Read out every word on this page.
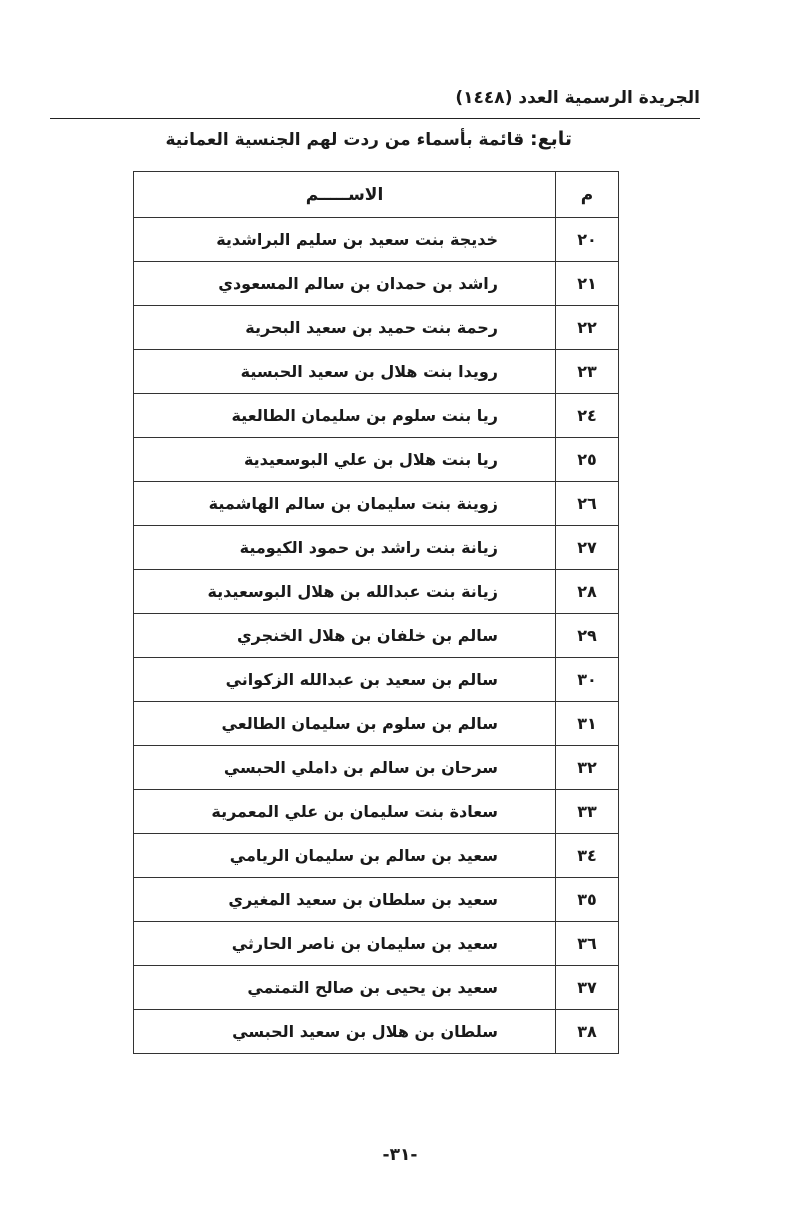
الجريدة الرسمية العدد (١٤٤٨)
تابع: قائمة بأسماء من ردت لهم الجنسية العمانية
م	الاســـــم
٢٠	خديجة بنت سعيد بن سليم البراشدية
٢١	راشد بن حمدان بن سالم المسعودي
٢٢	رحمة بنت حميد بن سعيد البحرية
٢٣	رويدا بنت هلال بن سعيد الحبسية
٢٤	ريا بنت سلوم بن سليمان الطالعية
٢٥	ريا بنت هلال بن علي البوسعيدية
٢٦	زوينة بنت سليمان بن سالم الهاشمية
٢٧	زيانة بنت راشد بن حمود الكيومية
٢٨	زيانة بنت عبدالله بن هلال البوسعيدية
٢٩	سالم بن خلفان بن هلال الخنجري
٣٠	سالم بن سعيد بن عبدالله الزكواني
٣١	سالم بن سلوم بن سليمان الطالعي
٣٢	سرحان بن سالم بن داملي الحبسي
٣٣	سعادة بنت سليمان بن علي المعمرية
٣٤	سعيد بن سالم بن سليمان الريامي
٣٥	سعيد بن سلطان بن سعيد المغيري
٣٦	سعيد بن سليمان بن ناصر الحارثي
٣٧	سعيد بن يحيى بن صالح التمتمي
٣٨	سلطان بن هلال بن سعيد الحبسي
-٣١-
